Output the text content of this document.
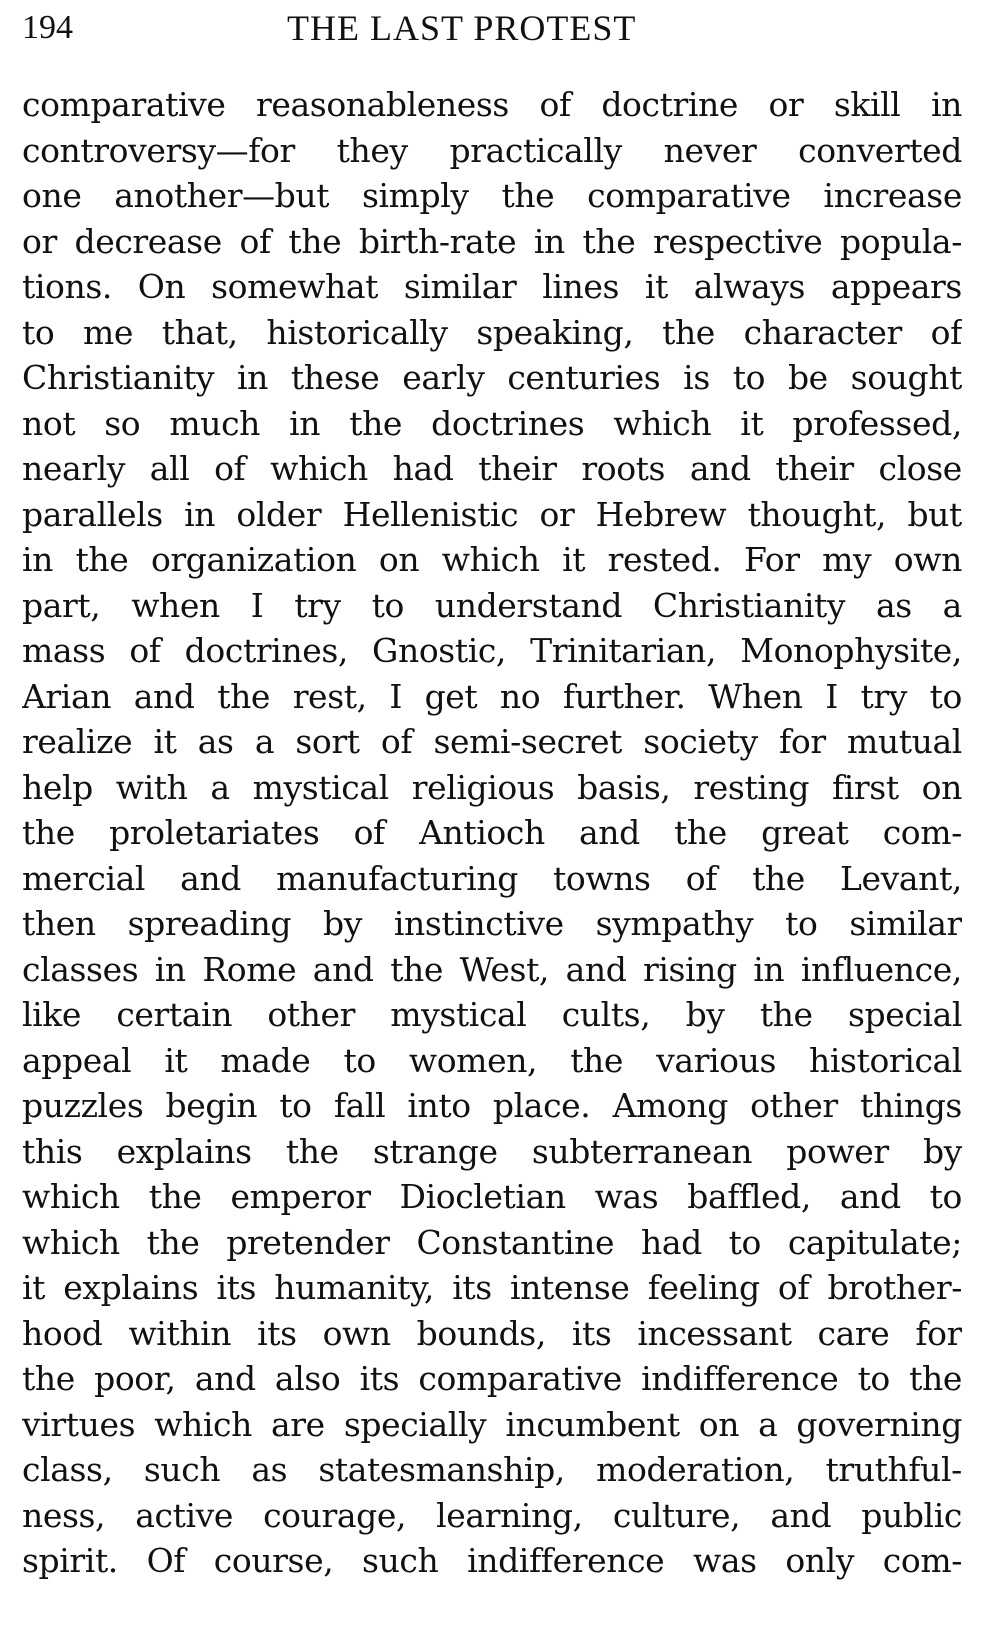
194	THE LAST PROTEST
comparative reasonableness of doctrine or skill in
controversy—for they practically never converted
one another—but simply the comparative increase
or decrease of the birth-rate in the respective popula-
tions. On somewhat similar lines it always appears
to me that, historically speaking, the character of
Christianity in these early centuries is to be sought
not so much in the doctrines which it professed,
nearly all of which had their roots and their close
parallels in older Hellenistic or Hebrew thought, but
in the organization on which it rested. For my own
part, when I try to understand Christianity as a
mass of doctrines, Gnostic, Trinitarian, Monophysite,
Arian and the rest, I get no further. When I try to
realize it as a sort of semi-secret society for mutual
help with a mystical religious basis, resting first on
the proletariates of Antioch and the great com-
mercial and manufacturing towns of the Levant,
then spreading by instinctive sympathy to similar
classes in Rome and the West, and rising in influence,
like certain other mystical cults, by the special
appeal it made to women, the various historical
puzzles begin to fall into place. Among other things
this explains the strange subterranean power by
which the emperor Diocletian was baffled, and to
which the pretender Constantine had to capitulate;
it explains its humanity, its intense feeling of brother-
hood within its own bounds, its incessant care for
the poor, and also its comparative indifference to the
virtues which are specially incumbent on a governing
class, such as statesmanship, moderation, truthful-
ness, active courage, learning, culture, and public
spirit. Of course, such indifference was only com-
